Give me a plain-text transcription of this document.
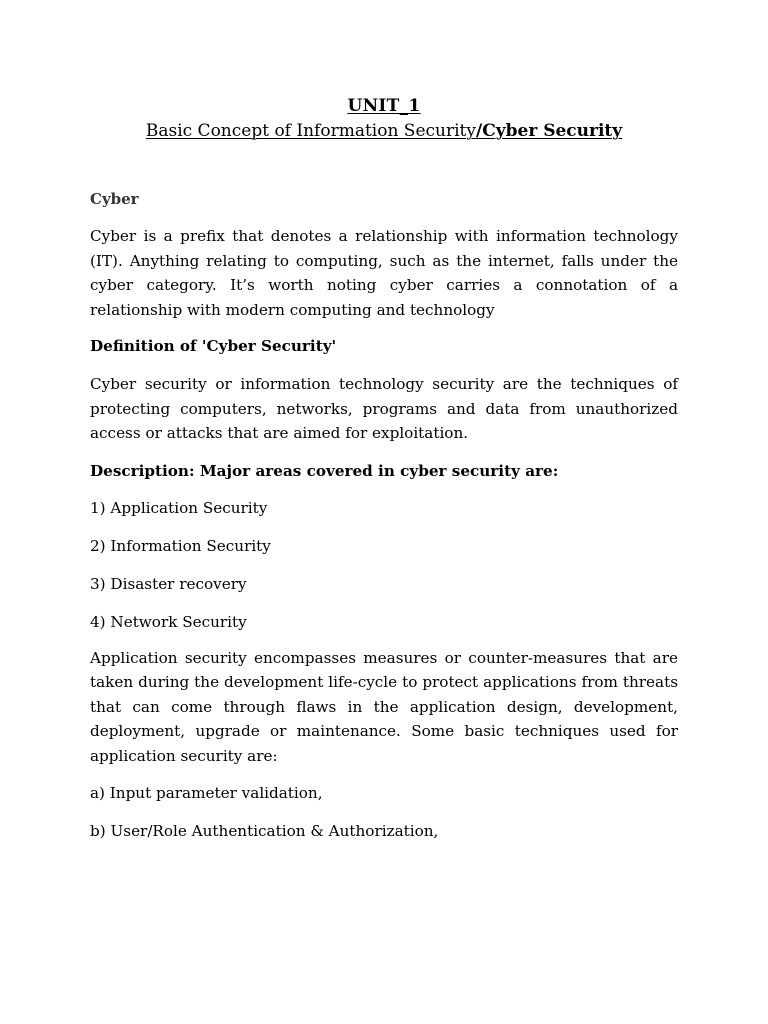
UNIT_1
Basic Concept of Information Security/Cyber Security
Cyber

Cyber is a prefix that denotes a relationship with information technology (IT). Anything relating to computing, such as the internet, falls under the cyber category. It’s worth noting cyber carries a connotation of a relationship with modern computing and technology

Definition of 'Cyber Security'

Cyber security or information technology security are the techniques of protecting computers, networks, programs and data from unauthorized access or attacks that are aimed for exploitation.

Description: Major areas covered in cyber security are:
1) Application Security
2) Information Security
3) Disaster recovery
4) Network Security

Application security encompasses measures or counter-measures that are taken during the development life-cycle to protect applications from threats that can come through flaws in the application design, development, deployment, upgrade or maintenance. Some basic techniques used for application security are:

a) Input parameter validation,
b) User/Role Authentication & Authorization,
